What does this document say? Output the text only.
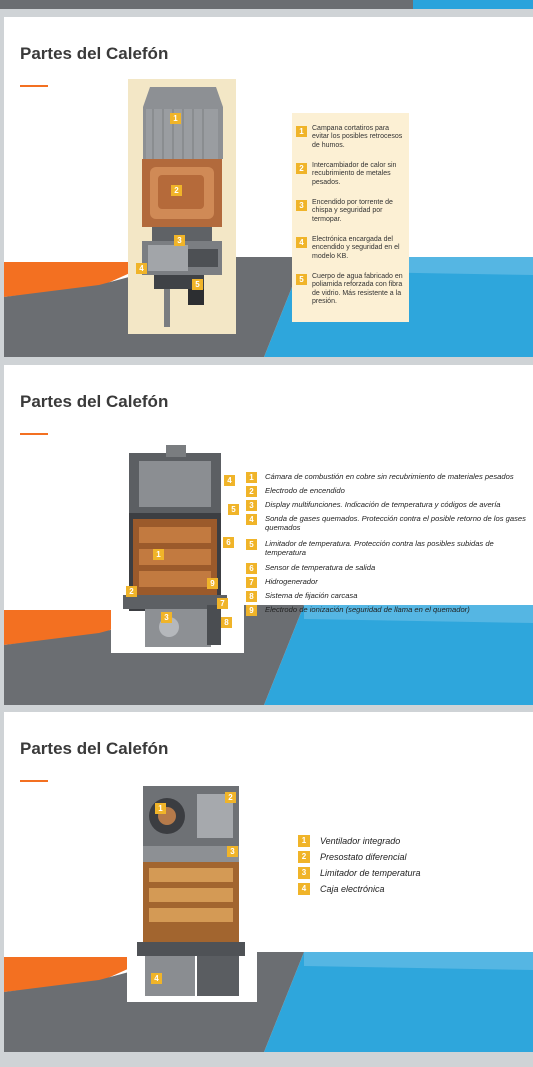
Partes del Calefón
1
2
3
4
5
1	Campana cortatiros para evitar los posibles retrocesos de humos.
2	Intercambiador de calor sin recubrimiento de metales pesados.
3	Encendido por torrente de chispa y seguridad por termopar.
4	Electrónica encargada del encendido y seguridad en el modelo KB.
5	Cuerpo de agua fabricado en poliamida reforzada con fibra de vidrio. Más resistente a la presión.
Partes del Calefón
4
5
6
1
9
2
7
3
8
1	Cámara de combustión en cobre sin recubrimiento de materiales pesados
2	Electrodo de encendido
3	Display multifunciones. Indicación de temperatura y códigos de avería
4	Sonda de gases quemados. Protección contra el posible retorno de los gases quemados
5	Limitador de temperatura. Protección contra las posibles subidas de temperatura
6	Sensor de temperatura de salida
7	Hidrogenerador
8	Sistema de fijación carcasa
9	Electrodo de ionización (seguridad de llama en el quemador)
Partes del Calefón
1
2
3
4
1	Ventilador integrado
2	Presostato diferencial
3	Limitador de temperatura
4	Caja electrónica
